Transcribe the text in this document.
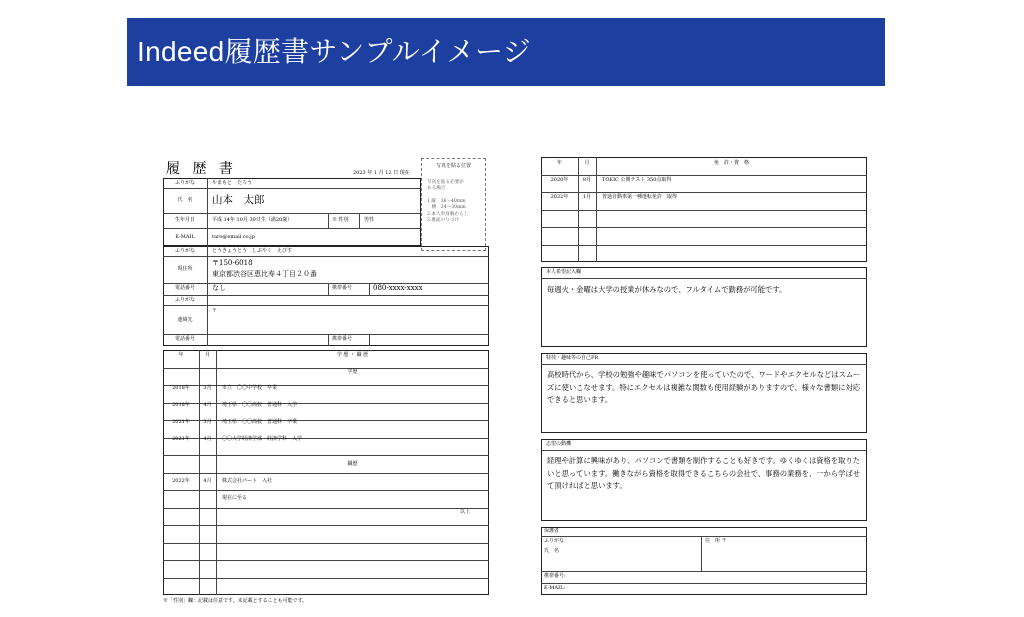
Indeed履歴書サンプルイメージ
履 歴 書	2023 年 1 月 12 日 現在
写真を貼る位置
写真を貼る必要が
ある場合
1.縦　36～40mm
　横　24～30mm
2.本人単身胸から上
3.裏面のりづけ
ふりがな	やまもと　たろう
氏　名	山本　太郎
生年月日	平成 14年 10月 30日生（満20歳）	※ 性別	男性
E-MAIL	taro@email.co.jp
ふりがな	とうきょうとう　しぶやく　えびす
現住所
〒150-6018
東京都渋谷区恵比寿４丁目２０番
電話番号	なし	携帯番号	080-xxxx-xxxx
ふりがな
連絡先
〒
電話番号	携帯番号
年	月	学 歴 ・ 職 歴
学歴
2018年	3月	市立　〇〇中学校　卒業
2018年	4月	埼玉県　〇〇高校　普通科　入学
2021年	3月	埼玉県　〇〇高校　普通科　卒業
2021年	4月	〇〇大学経済学部　経済学科　入学
職歴
2022年	4月	株式会社パート　入社
現在に至る
以上
※「性別」欄：記載は任意です。未記載とすることも可能です。
年	月	免　許・資　格
2020年	8月	TOEIC 公開テスト 350点取得
2022年	1月	普通自動車第一種運転免許　取得
本人希望記入欄
毎週火・金曜は大学の授業が休みなので、フルタイムで勤務が可能です。
特技・趣味等の自己PR
高校時代から、学校の勉強や趣味でパソコンを使っていたので、ワードやエクセルなどはスムーズに使いこなせます。特にエクセルは複雑な関数も使用経験がありますので、様々な書類に対応できると思います。
志望の動機
経理や計算に興味があり、パソコンで書類を制作することも好きです。ゆくゆくは資格を取りたいと思っています。働きながら資格を取得できるこちらの会社で、事務の業務を、一から学ばせて頂ければと思います。
保護者
ふりがな
氏　名
住　所 〒
携帯番号:
E-MAIL:
